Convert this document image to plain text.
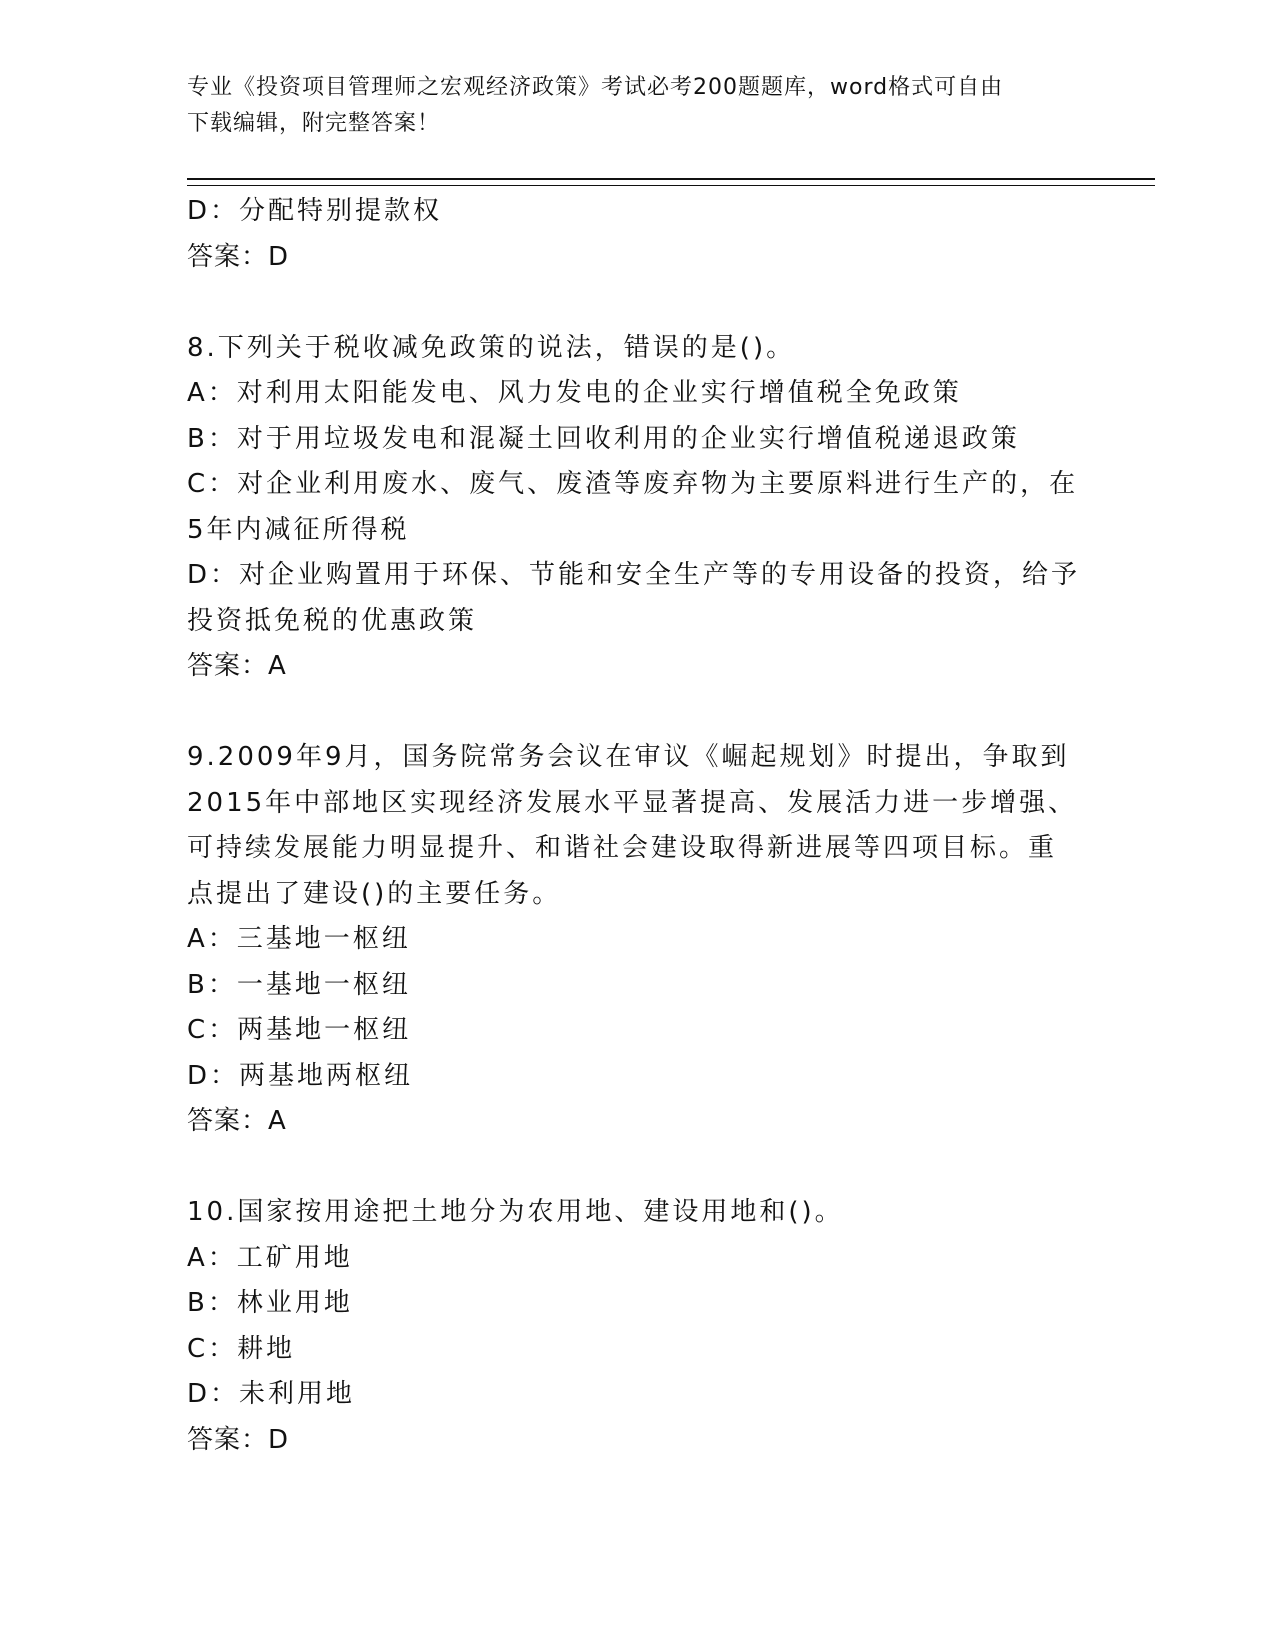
专业《投资项目管理师之宏观经济政策》考试必考200题题库，word格式可自由
下载编辑，附完整答案！
D：分配特别提款权
答案：D
8.下列关于税收减免政策的说法，错误的是()。
A：对利用太阳能发电、风力发电的企业实行增值税全免政策
B：对于用垃圾发电和混凝土回收利用的企业实行增值税递退政策
C：对企业利用废水、废气、废渣等废弃物为主要原料进行生产的，在
5年内减征所得税
D：对企业购置用于环保、节能和安全生产等的专用设备的投资，给予
投资抵免税的优惠政策
答案：A
9.2009年9月，国务院常务会议在审议《崛起规划》时提出，争取到
2015年中部地区实现经济发展水平显著提高、发展活力进一步增强、
可持续发展能力明显提升、和谐社会建设取得新进展等四项目标。重
点提出了建设()的主要任务。
A：三基地一枢纽
B：一基地一枢纽
C：两基地一枢纽
D：两基地两枢纽
答案：A
10.国家按用途把土地分为农用地、建设用地和()。
A：工矿用地
B：林业用地
C：耕地
D：未利用地
答案：D
